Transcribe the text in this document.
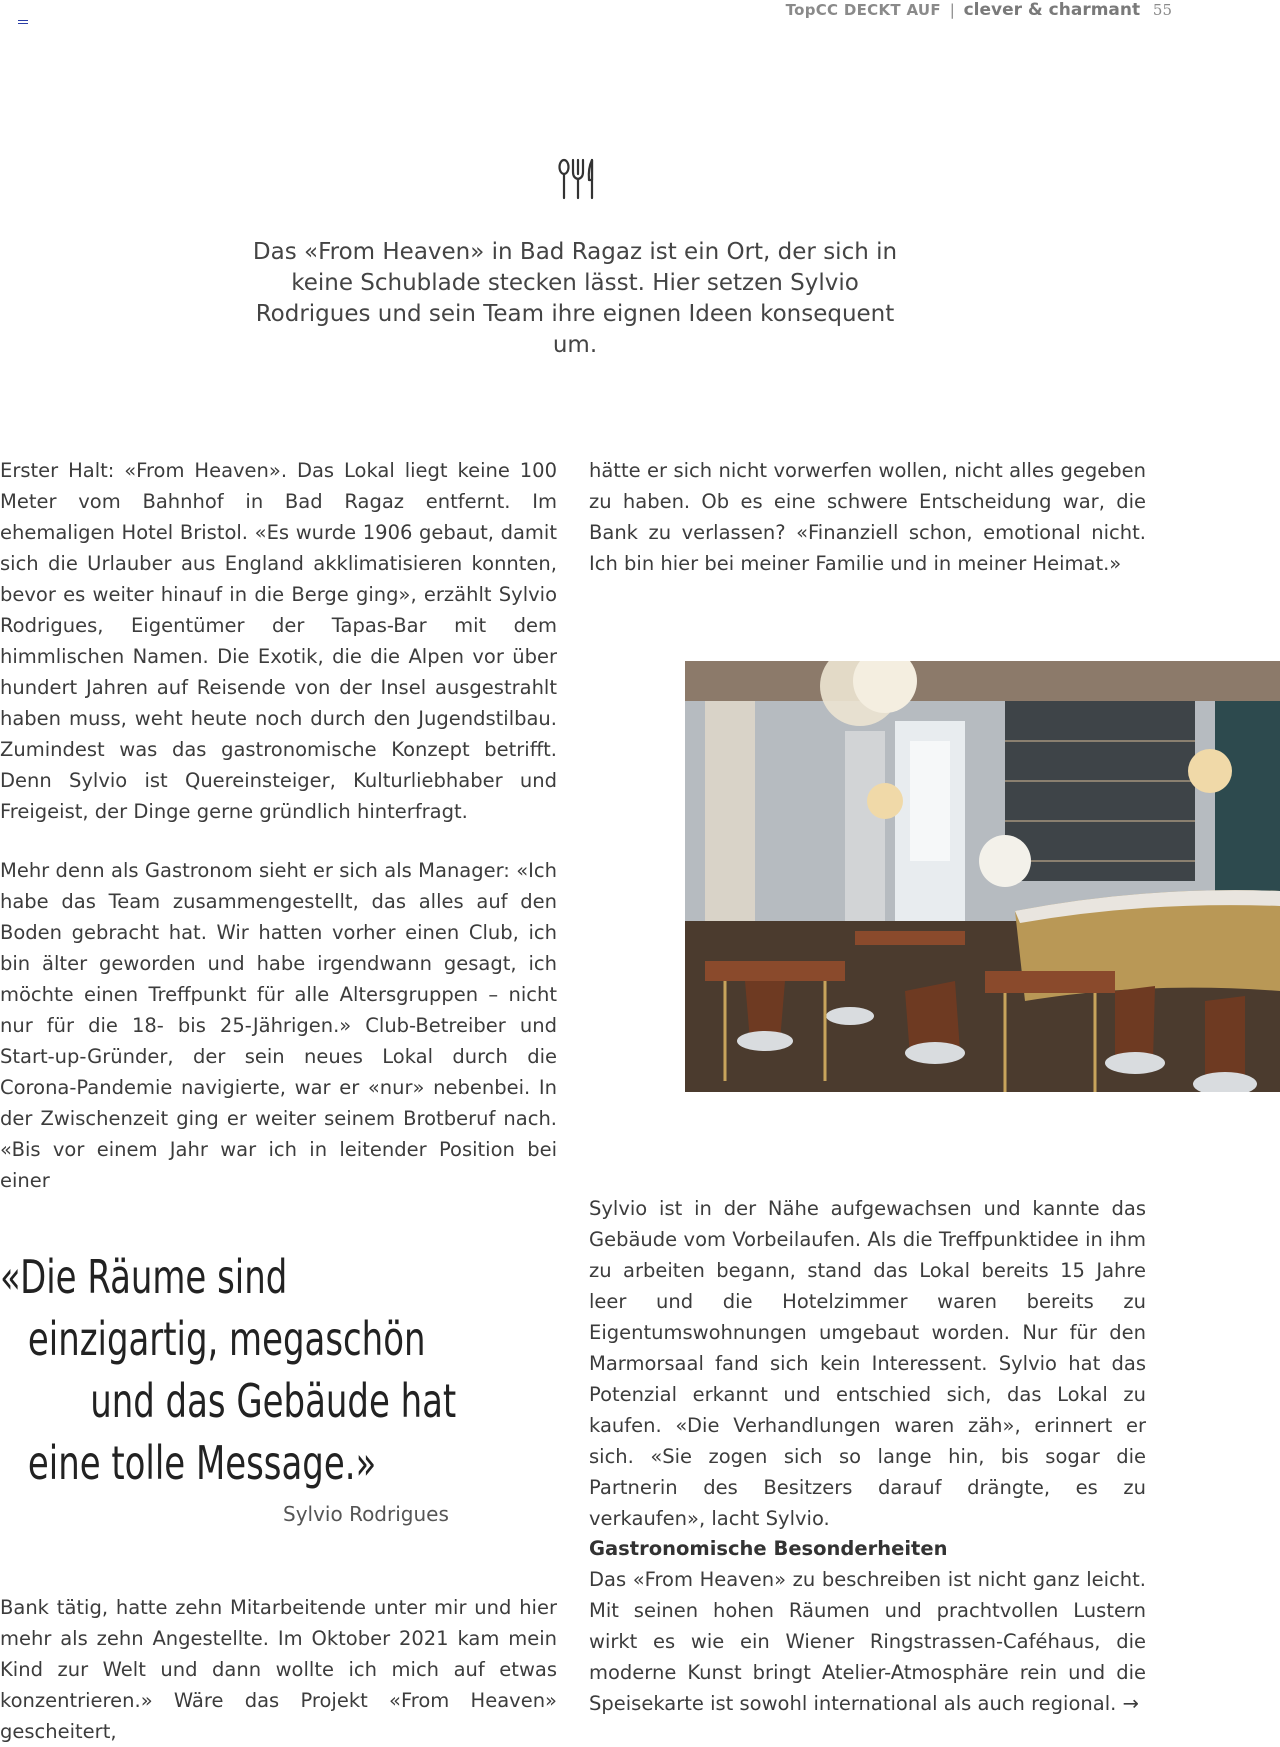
TopCC DECKT AUF | clever & charmant 55
Das «From Heaven» in Bad Ragaz ist ein Ort, der sich in keine Schublade stecken lässt. Hier setzen Sylvio Rodrigues und sein Team ihre eignen Ideen konsequent um.

Erster Halt: «From Heaven». Das Lokal liegt keine 100 Meter vom Bahnhof in Bad Ragaz entfernt. Im ehemaligen Hotel Bristol. «Es wurde 1906 gebaut, damit sich die Urlauber aus England akklimatisieren konnten, bevor es weiter hinauf in die Berge ging», erzählt Sylvio Rodrigues, Eigentümer der Tapas-Bar mit dem himmlischen Namen. Die Exotik, die die Alpen vor über hundert Jahren auf Reisende von der Insel ausgestrahlt haben muss, weht heute noch durch den Jugendstilbau. Zumindest was das gastronomische Konzept betrifft. Denn Sylvio ist Quereinsteiger, Kulturliebhaber und Freigeist, der Dinge gerne gründlich hinterfragt.

Mehr denn als Gastronom sieht er sich als Manager: «Ich habe das Team zusammengestellt, das alles auf den Boden gebracht hat. Wir hatten vorher einen Club, ich bin älter geworden und habe irgendwann gesagt, ich möchte einen Treffpunkt für alle Altersgruppen – nicht nur für die 18- bis 25-Jährigen.» Club-Betreiber und Start-up-Gründer, der sein neues Lokal durch die Corona-Pandemie navigierte, war er «nur» nebenbei. In der Zwischenzeit ging er weiter seinem Brotberuf nach. «Bis vor einem Jahr war ich in leitender Position bei einer

«Die Räume sind
einzigartig, megaschön
und das Gebäude hat
eine tolle Message.»
Sylvio Rodrigues

Bank tätig, hatte zehn Mitarbeitende unter mir und hier mehr als zehn Angestellte. Im Oktober 2021 kam mein Kind zur Welt und dann wollte ich mich auf etwas konzentrieren.» Wäre das Projekt «From Heaven» gescheitert,

hätte er sich nicht vorwerfen wollen, nicht alles gegeben zu haben. Ob es eine schwere Entscheidung war, die Bank zu verlassen? «Finanziell schon, emotional nicht. Ich bin hier bei meiner Familie und in meiner Heimat.»

Sylvio ist in der Nähe aufgewachsen und kannte das Gebäude vom Vorbeilaufen. Als die Treffpunktidee in ihm zu arbeiten begann, stand das Lokal bereits 15 Jahre leer und die Hotelzimmer waren bereits zu Eigentumswohnungen umgebaut worden. Nur für den Marmorsaal fand sich kein Interessent. Sylvio hat das Potenzial erkannt und entschied sich, das Lokal zu kaufen. «Die Verhandlungen waren zäh», erinnert er sich. «Sie zogen sich so lange hin, bis sogar die Partnerin des Besitzers darauf drängte, es zu verkaufen», lacht Sylvio.

Gastronomische Besonderheiten

Das «From Heaven» zu beschreiben ist nicht ganz leicht. Mit seinen hohen Räumen und prachtvollen Lustern wirkt es wie ein Wiener Ringstrassen-Caféhaus, die moderne Kunst bringt Atelier-Atmosphäre rein und die Speisekarte ist sowohl international als auch regional. →
